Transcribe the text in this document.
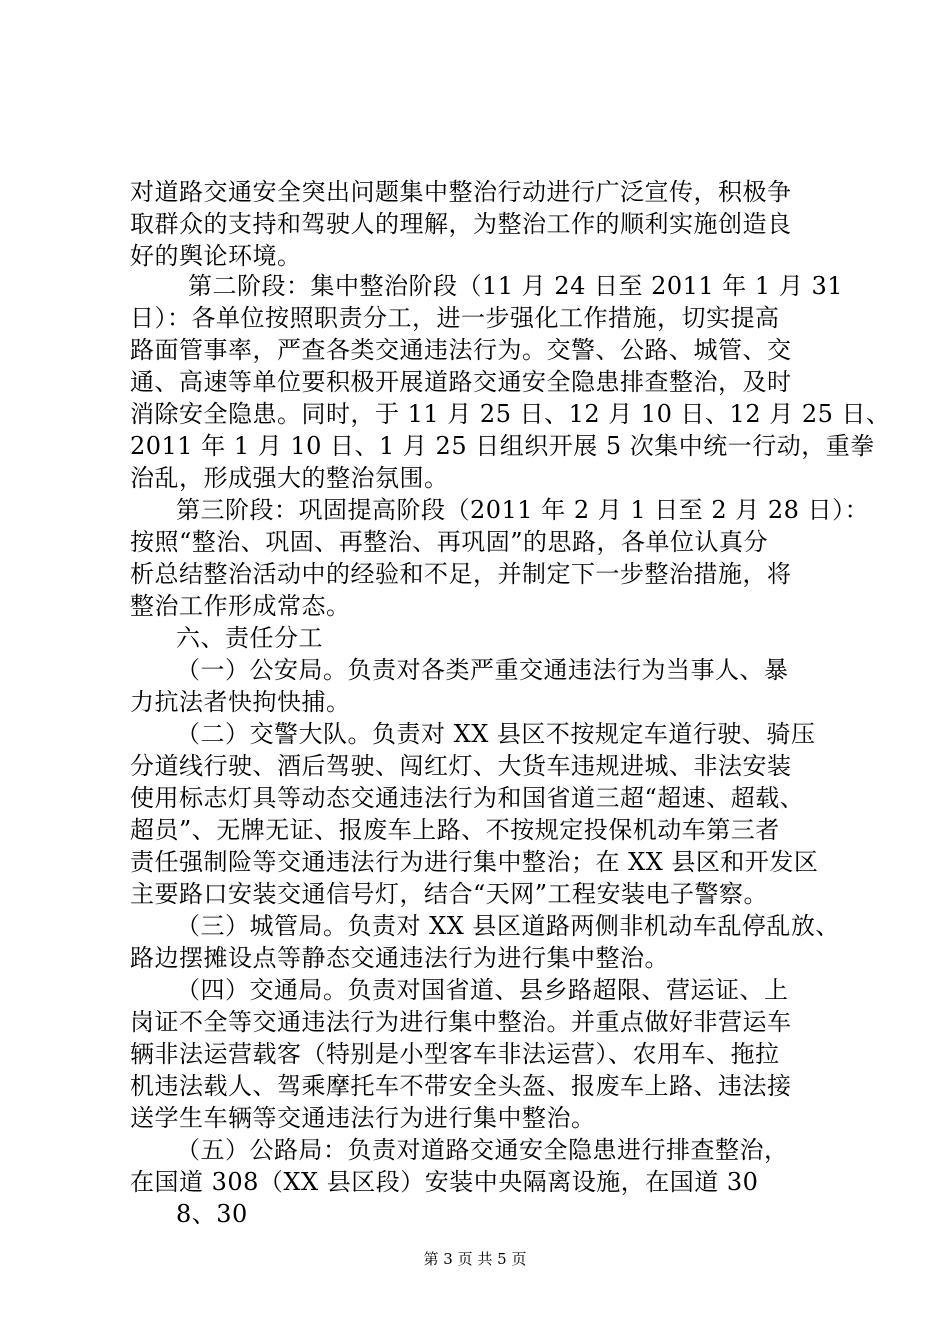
对道路交通安全突出问题集中整治行动进行广泛宣传，积极争
取群众的支持和驾驶人的理解，为整治工作的顺利实施创造良
好的舆论环境。
第二阶段：集中整治阶段（11 月 24 日至 2011 年 1 月 31
日）：各单位按照职责分工，进一步强化工作措施，切实提高
路面管事率，严查各类交通违法行为。交警、公路、城管、交
通、高速等单位要积极开展道路交通安全隐患排查整治，及时
消除安全隐患。同时，于 11 月 25 日、12 月 10 日、12 月 25 日、
2011 年 1 月 10 日、1 月 25 日组织开展 5 次集中统一行动，重拳
治乱，形成强大的整治氛围。
第三阶段：巩固提高阶段（2011 年 2 月 1 日至 2 月 28 日）：
按照“整治、巩固、再整治、再巩固”的思路，各单位认真分
析总结整治活动中的经验和不足，并制定下一步整治措施，将
整治工作形成常态。
六、责任分工
（一）公安局。负责对各类严重交通违法行为当事人、暴
力抗法者快拘快捕。
（二）交警大队。负责对 XX 县区不按规定车道行驶、骑压
分道线行驶、酒后驾驶、闯红灯、大货车违规进城、非法安装
使用标志灯具等动态交通违法行为和国省道三超“超速、超载、
超员”、无牌无证、报废车上路、不按规定投保机动车第三者
责任强制险等交通违法行为进行集中整治；在 XX 县区和开发区
主要路口安装交通信号灯，结合“天网”工程安装电子警察。
（三）城管局。负责对 XX 县区道路两侧非机动车乱停乱放、
路边摆摊设点等静态交通违法行为进行集中整治。
（四）交通局。负责对国省道、县乡路超限、营运证、上
岗证不全等交通违法行为进行集中整治。并重点做好非营运车
辆非法运营载客（特别是小型客车非法运营）、农用车、拖拉
机违法载人、驾乘摩托车不带安全头盔、报废车上路、违法接
送学生车辆等交通违法行为进行集中整治。
（五）公路局：负责对道路交通安全隐患进行排查整治，
在国道 308（XX 县区段）安装中央隔离设施，在国道 30
8、30
第 3 页 共 5 页
